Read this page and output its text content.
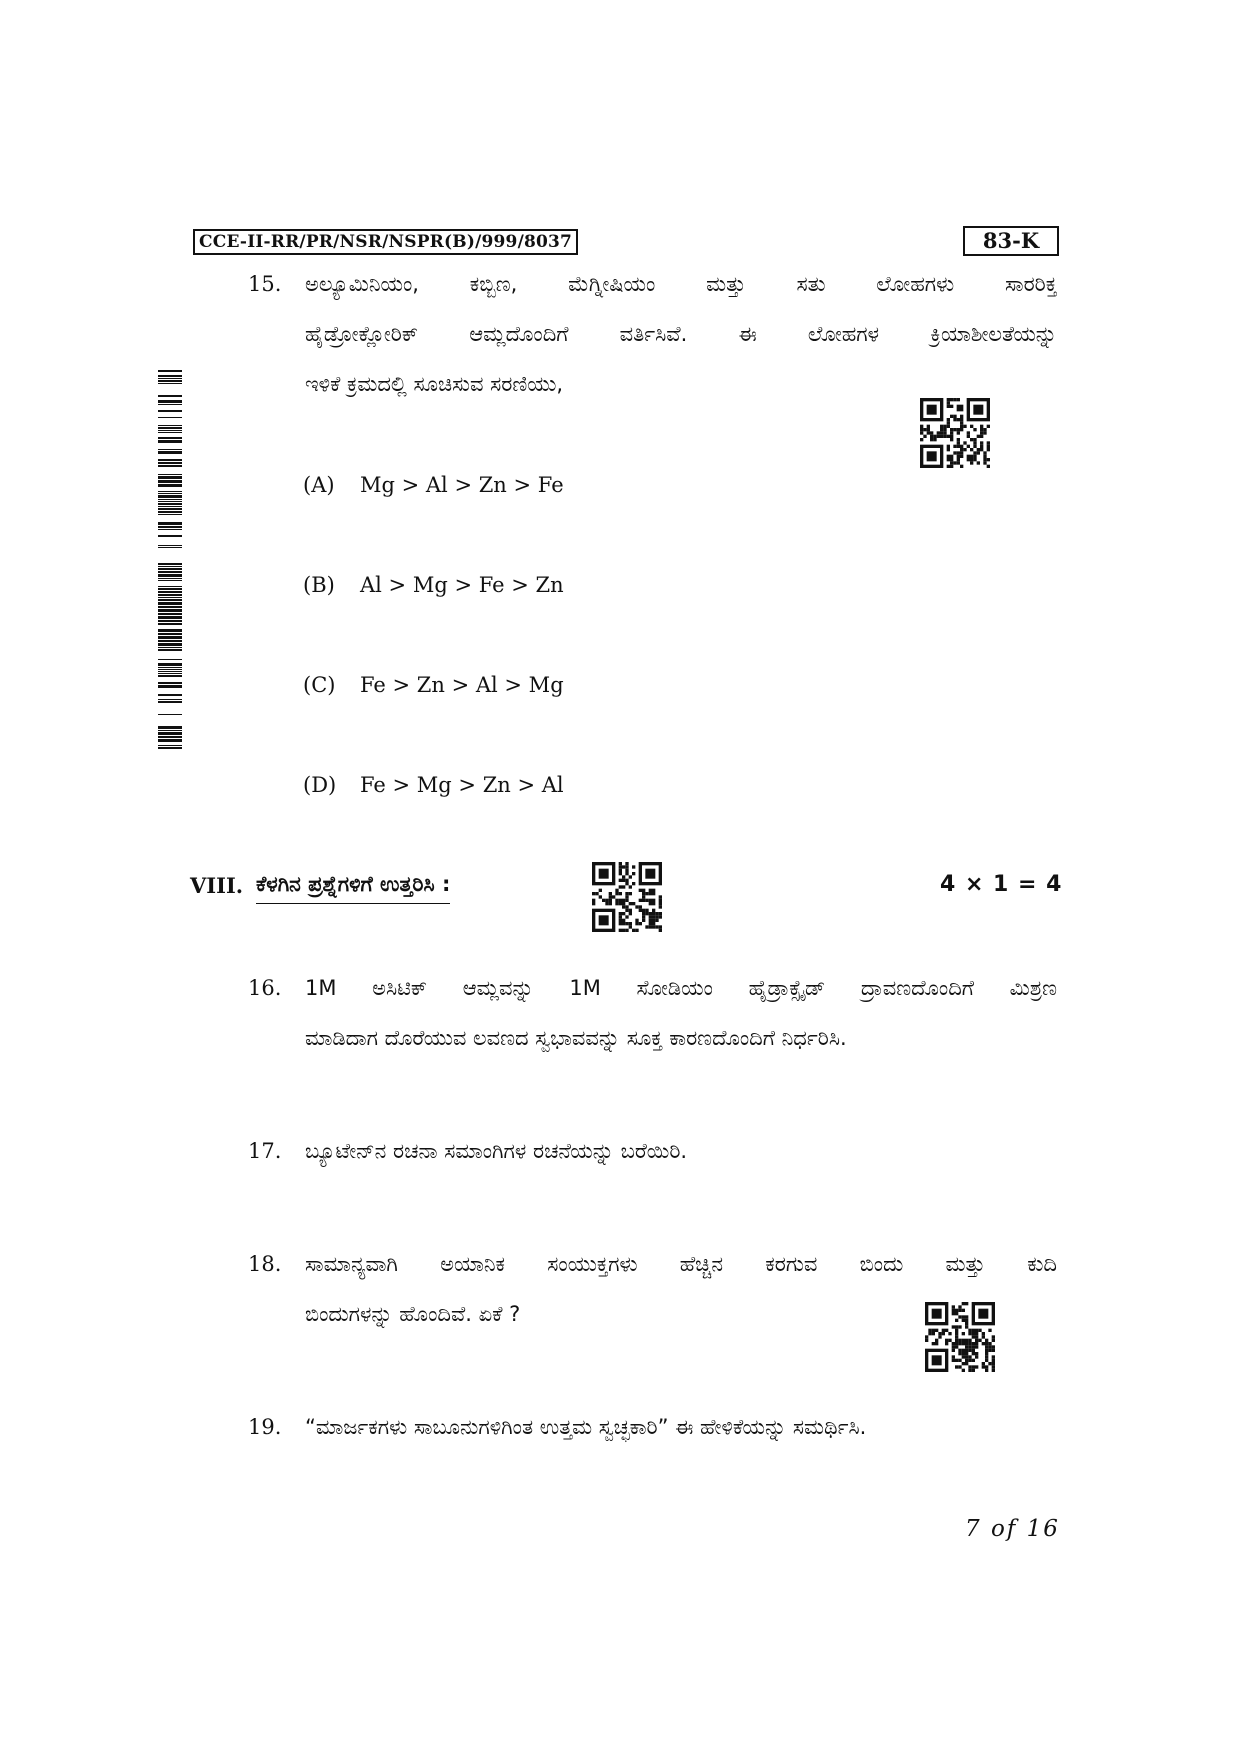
CCE-II-RR/PR/NSR/NSPR(B)/999/8037	83-K
15. ಅಲ್ಯೂಮಿನಿಯಂ, ಕಬ್ಬಿಣ, ಮೆಗ್ನೀಷಿಯಂ ಮತ್ತು ಸತು ಲೋಹಗಳು ಸಾರರಿಕ್ತ
ಹೈಡ್ರೋಕ್ಲೋರಿಕ್ ಆಮ್ಲದೊಂದಿಗೆ ವರ್ತಿಸಿವೆ. ಈ ಲೋಹಗಳ ಕ್ರಿಯಾಶೀಲತೆಯನ್ನು
ಇಳಿಕೆ ಕ್ರಮದಲ್ಲಿ ಸೂಚಿಸುವ ಸರಣಿಯು,
(A) Mg > Al > Zn > Fe
(B) Al > Mg > Fe > Zn
(C) Fe > Zn > Al > Mg
(D) Fe > Mg > Zn > Al
VIII. ಕೆಳಗಿನ ಪ್ರಶ್ನೆಗಳಿಗೆ ಉತ್ತರಿಸಿ :	4 × 1 = 4
16. 1M ಅಸಿಟಿಕ್ ಆಮ್ಲವನ್ನು 1M ಸೋಡಿಯಂ ಹೈಡ್ರಾಕ್ಸೈಡ್ ದ್ರಾವಣದೊಂದಿಗೆ ಮಿಶ್ರಣ
ಮಾಡಿದಾಗ ದೊರೆಯುವ ಲವಣದ ಸ್ವಭಾವವನ್ನು ಸೂಕ್ತ ಕಾರಣದೊಂದಿಗೆ ನಿರ್ಧರಿಸಿ.
17. ಬ್ಯೂಟೇನ್‌ನ ರಚನಾ ಸಮಾಂಗಿಗಳ ರಚನೆಯನ್ನು ಬರೆಯಿರಿ.
18. ಸಾಮಾನ್ಯವಾಗಿ ಅಯಾನಿಕ ಸಂಯುಕ್ತಗಳು ಹೆಚ್ಚಿನ ಕರಗುವ ಬಿಂದು ಮತ್ತು ಕುದಿ
ಬಿಂದುಗಳನ್ನು ಹೊಂದಿವೆ. ಏಕೆ ?
19. “ಮಾರ್ಜಕಗಳು ಸಾಬೂನುಗಳಿಗಿಂತ ಉತ್ತಮ ಸ್ವಚ್ಛಕಾರಿ” ಈ ಹೇಳಿಕೆಯನ್ನು ಸಮರ್ಥಿಸಿ.
7 of 16
